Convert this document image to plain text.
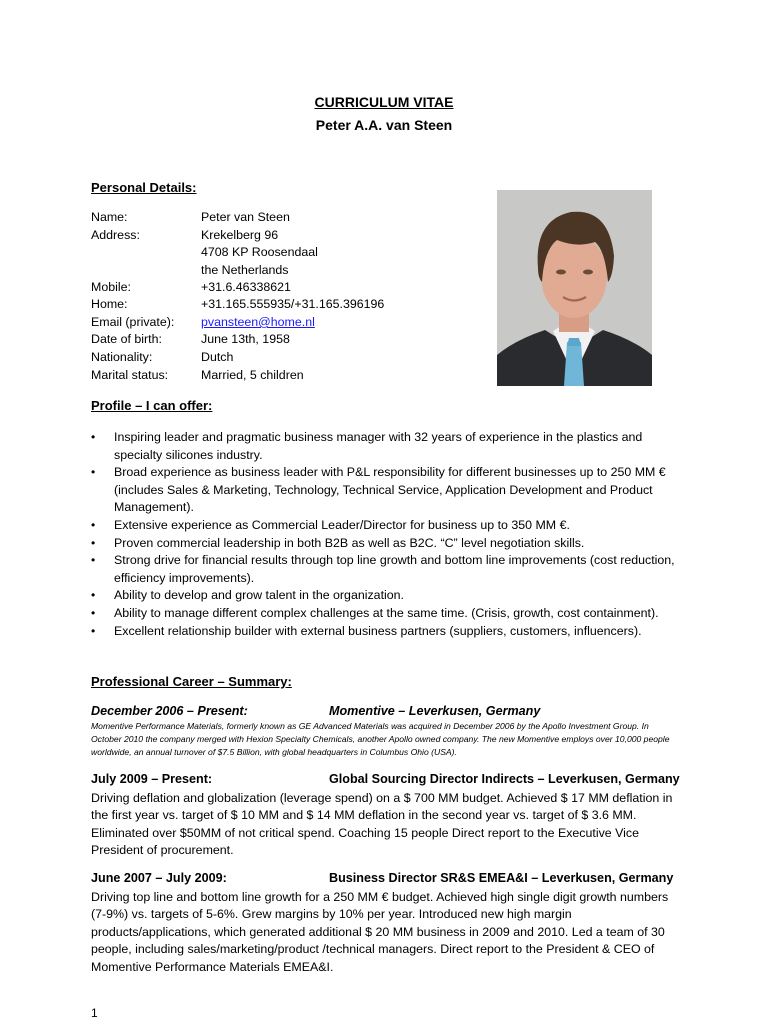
CURRICULUM VITAE
Peter A.A. van Steen
Personal Details:
Name:	Peter van Steen
Address:	Krekelberg 96
4708 KP Roosendaal
the Netherlands
Mobile:	+31.6.46338621
Home:	+31.165.555935/+31.165.396196
Email (private): pvansteen@home.nl
Date of birth:	June 13th, 1958
Nationality:	Dutch
Marital status:	Married, 5 children
Profile – I can offer:
• Inspiring leader and pragmatic business manager with 32 years of experience in the plastics and specialty silicones industry.
• Broad experience as business leader with P&L responsibility for different businesses up to 250 MM € (includes Sales & Marketing, Technology, Technical Service, Application Development and Product Management).
• Extensive experience as Commercial Leader/Director for business up to 350 MM €.
• Proven commercial leadership in both B2B as well as B2C. “C” level negotiation skills.
• Strong drive for financial results through top line growth and bottom line improvements (cost reduction, efficiency improvements).
• Ability to develop and grow talent in the organization.
• Ability to manage different complex challenges at the same time. (Crisis, growth, cost containment).
• Excellent relationship builder with external business partners (suppliers, customers, influencers).
Professional Career – Summary:
December 2006 – Present:	Momentive – Leverkusen, Germany
Momentive Performance Materials, formerly known as GE Advanced Materials was acquired in December 2006 by the Apollo Investment Group. In October 2010 the company merged with Hexion Specialty Chemicals, another Apollo owned company. The new Momentive employs over 10,000 people worldwide, an annual turnover of $7.5 Billion, with global headquarters in Columbus Ohio (USA).
July 2009 – Present:	Global Sourcing Director Indirects – Leverkusen, Germany
Driving deflation and globalization (leverage spend) on a $ 700 MM budget. Achieved $ 17 MM deflation in the first year vs. target of $ 10 MM and $ 14 MM deflation in the second year vs. target of $ 3.6 MM. Eliminated over $50MM of not critical spend. Coaching 15 people Direct report to the Executive Vice President of procurement.
June 2007 – July 2009:	Business Director SR&S EMEA&I – Leverkusen, Germany
Driving top line and bottom line growth for a 250 MM € budget. Achieved high single digit growth numbers (7-9%) vs. targets of 5-6%. Grew margins by 10% per year. Introduced new high margin products/applications, which generated additional $ 20 MM business in 2009 and 2010. Led a team of 30 people, including sales/marketing/product /technical managers. Direct report to the President & CEO of Momentive Performance Materials EMEA&I.
1
